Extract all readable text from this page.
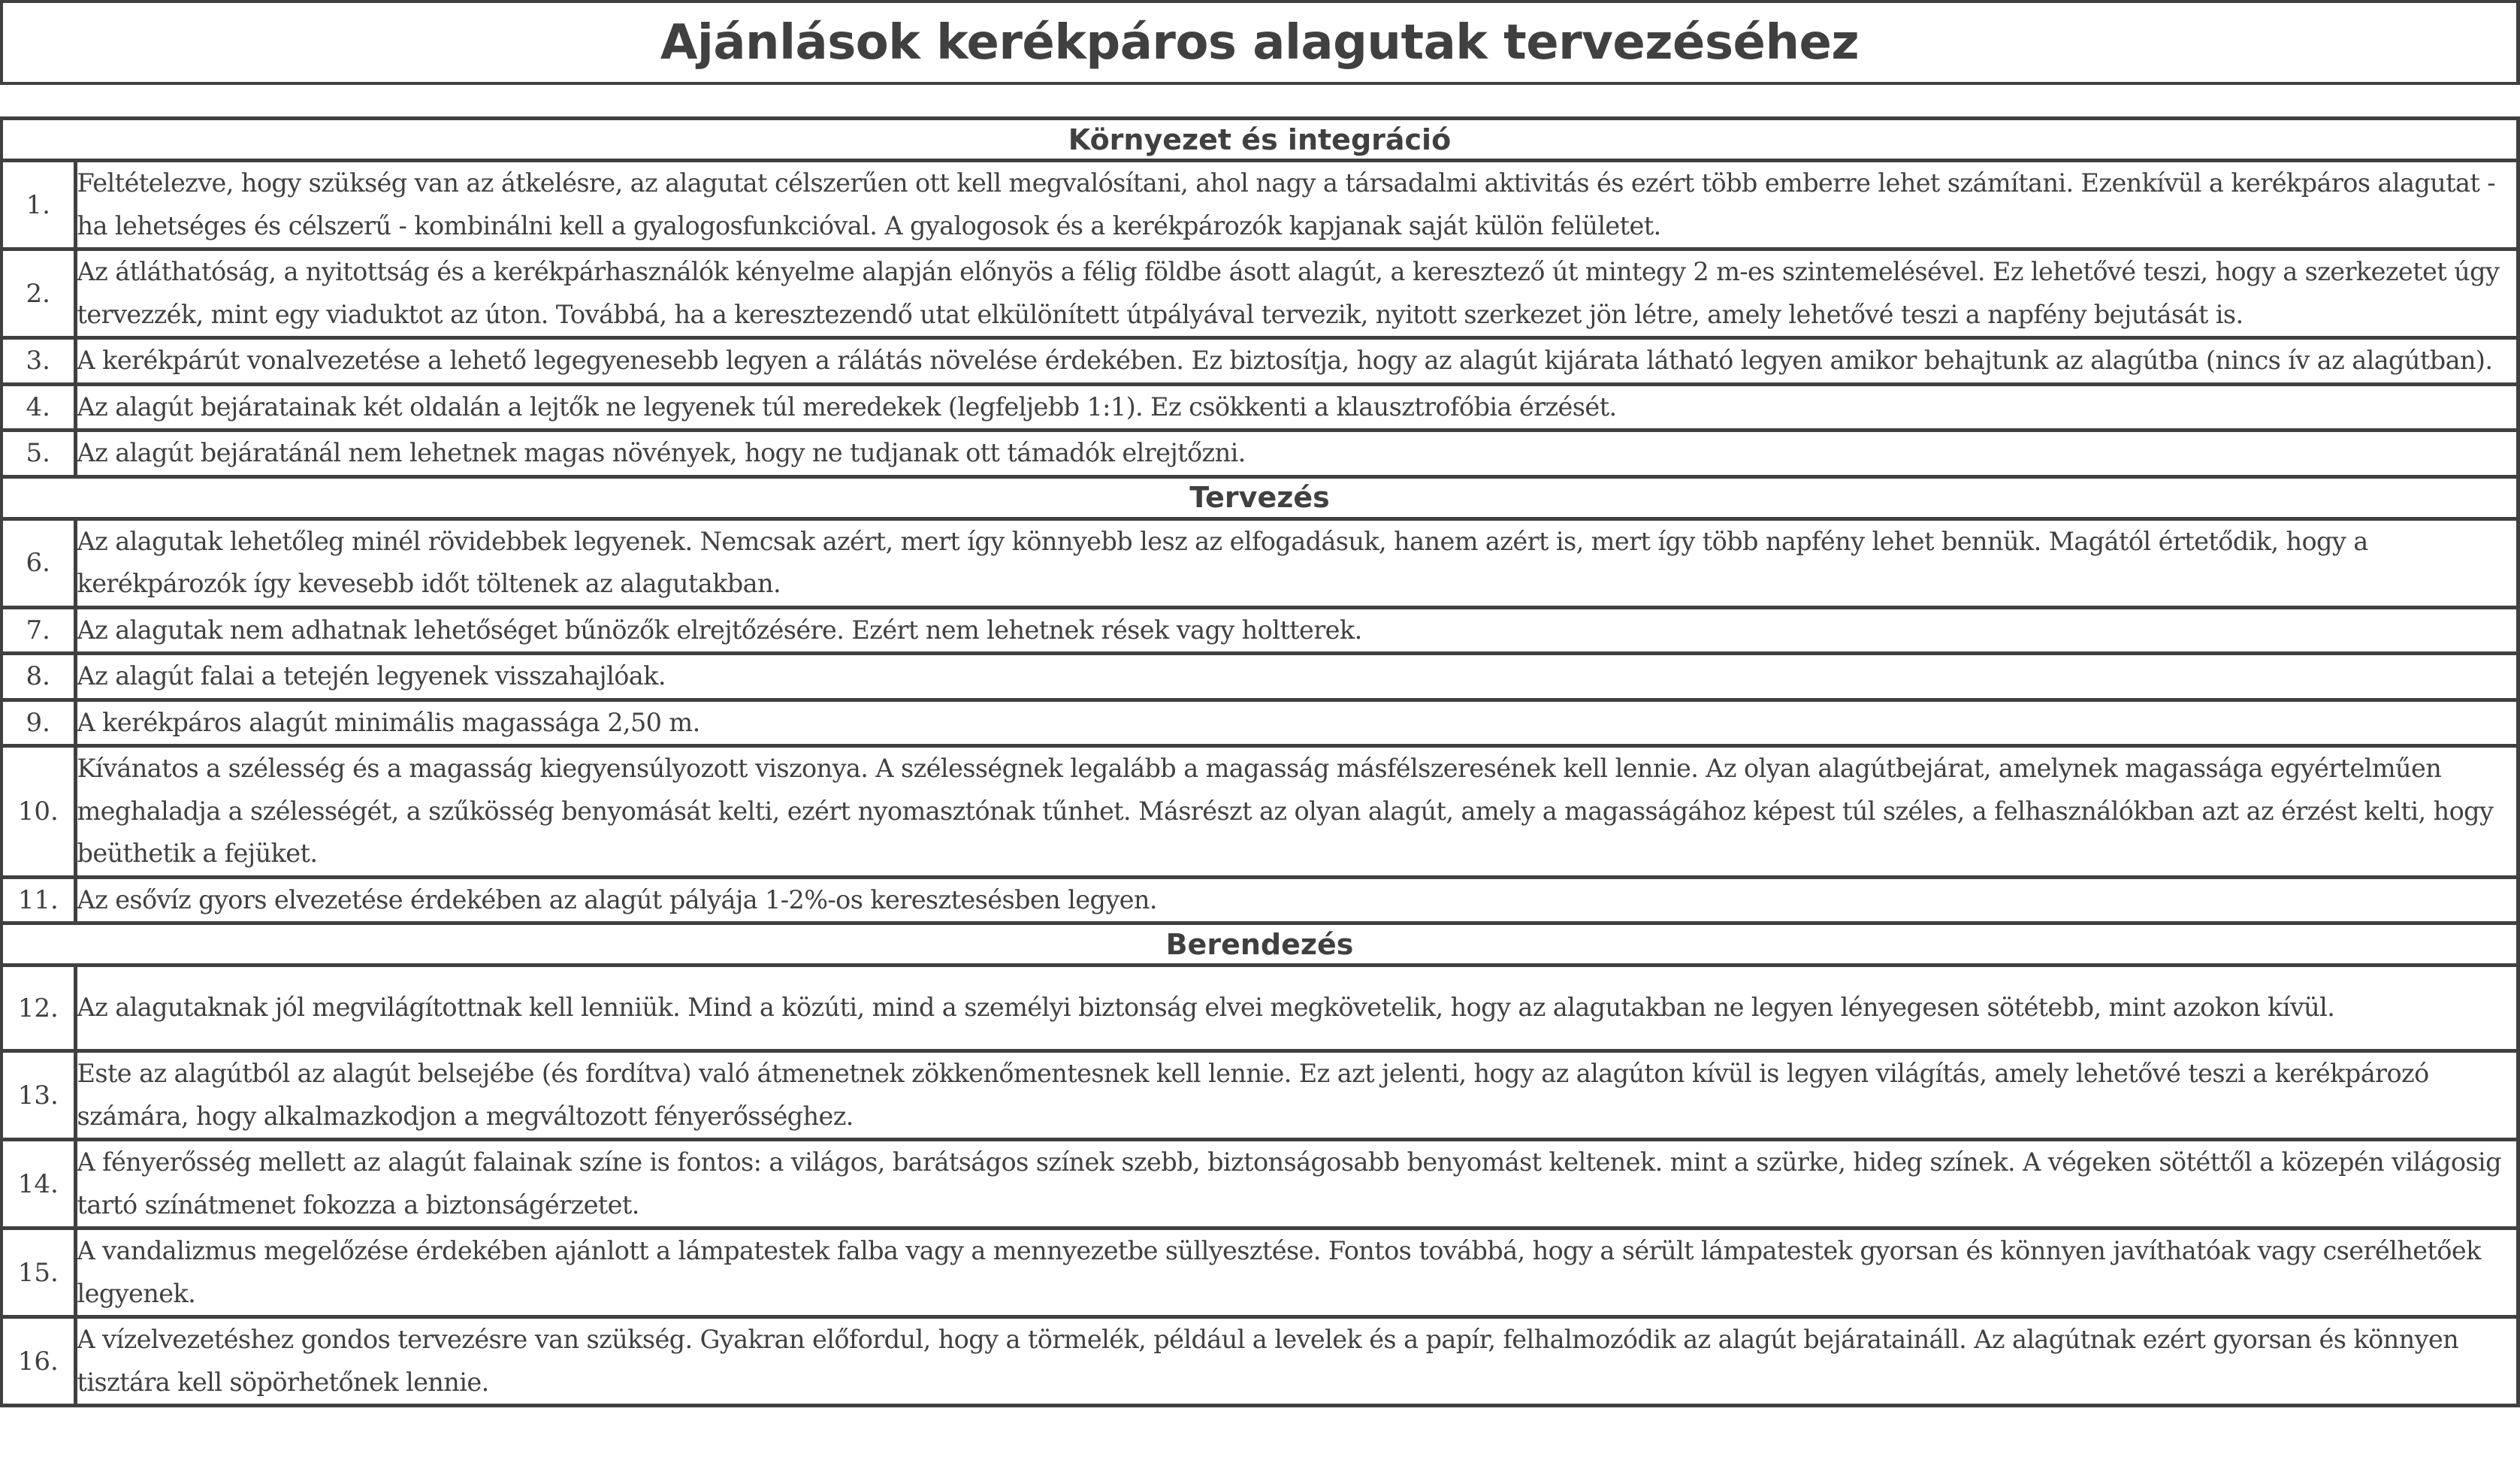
Ajánlások kerékpáros alagutak tervezéséhez
Környezet és integráció	
1.	Feltételezve, hogy szükség van az átkelésre, az alagutat célszerűen ott kell megvalósítani, ahol nagy a társadalmi aktivitás és ezért több emberre lehet számítani. Ezenkívül a kerékpáros alagutat - ha lehetséges és célszerű - kombinálni kell a gyalogosfunkcióval. A gyalogosok és a kerékpározók kapjanak saját külön felületet.
2.	Az átláthatóság, a nyitottság és a kerékpárhasználók kényelme alapján előnyös a félig földbe ásott alagút, a keresztező út mintegy 2 m-es szintemelésével. Ez lehetővé teszi, hogy a szerkezetet úgy tervezzék, mint egy viaduktot az úton. Továbbá, ha a keresztezendő utat elkülönített útpályával tervezik, nyitott szerkezet jön létre, amely lehetővé teszi a napfény bejutását is.
3.	A kerékpárút vonalvezetése a lehető legegyenesebb legyen a rálátás növelése érdekében. Ez biztosítja, hogy az alagút kijárata látható legyen amikor behajtunk az alagútba (nincs ív az alagútban).
4.	Az alagút bejáratainak két oldalán a lejtők ne legyenek túl meredekek (legfeljebb 1:1). Ez csökkenti a klausztrofóbia érzését.
5.	Az alagút bejáratánál nem lehetnek magas növények, hogy ne tudjanak ott támadók elrejtőzni.
Tervezés	
6.	Az alagutak lehetőleg minél rövidebbek legyenek. Nemcsak azért, mert így könnyebb lesz az elfogadásuk, hanem azért is, mert így több napfény lehet bennük. Magától értetődik, hogy a kerékpározók így kevesebb időt töltenek az alagutakban.
7.	Az alagutak nem adhatnak lehetőséget bűnözők elrejtőzésére. Ezért nem lehetnek rések vagy holtterek.
8.	Az alagút falai a tetején legyenek visszahajlóak.
9.	A kerékpáros alagút minimális magassága 2,50 m.
10.	Kívánatos a szélesség és a magasság kiegyensúlyozott viszonya. A szélességnek legalább a magasság másfélszeresének kell lennie. Az olyan alagútbejárat, amelynek magassága egyértelműen meghaladja a szélességét, a szűkösség benyomását kelti, ezért nyomasztónak tűnhet. Másrészt az olyan alagút, amely a magasságához képest túl széles, a felhasználókban azt az érzést kelti, hogy beüthetik a fejüket.
11.	Az esővíz gyors elvezetése érdekében az alagút pályája 1-2%-os keresztesésben legyen.
Berendezés	
12.	Az alagutaknak jól megvilágítottnak kell lenniük. Mind a közúti, mind a személyi biztonság elvei megkövetelik, hogy az alagutakban ne legyen lényegesen sötétebb, mint azokon kívül.
13.	Este az alagútból az alagút belsejébe (és fordítva) való átmenetnek zökkenőmentesnek kell lennie. Ez azt jelenti, hogy az alagúton kívül is legyen világítás, amely lehetővé teszi a kerékpározó számára, hogy alkalmazkodjon a megváltozott fényerősséghez.
14.	A fényerősség mellett az alagút falainak színe is fontos: a világos, barátságos színek szebb, biztonságosabb benyomást keltenek. mint a szürke, hideg színek. A végeken sötéttől a közepén világosig tartó színátmenet fokozza a biztonságérzetet.
15.	A vandalizmus megelőzése érdekében ajánlott a lámpatestek falba vagy a mennyezetbe süllyesztése. Fontos továbbá, hogy a sérült lámpatestek gyorsan és könnyen javíthatóak vagy cserélhetőek legyenek.
16.	A vízelvezetéshez gondos tervezésre van szükség. Gyakran előfordul, hogy a törmelék, például a levelek és a papír, felhalmozódik az alagút bejárataináll. Az alagútnak ezért gyorsan és könnyen tisztára kell söpörhetőnek lennie.
